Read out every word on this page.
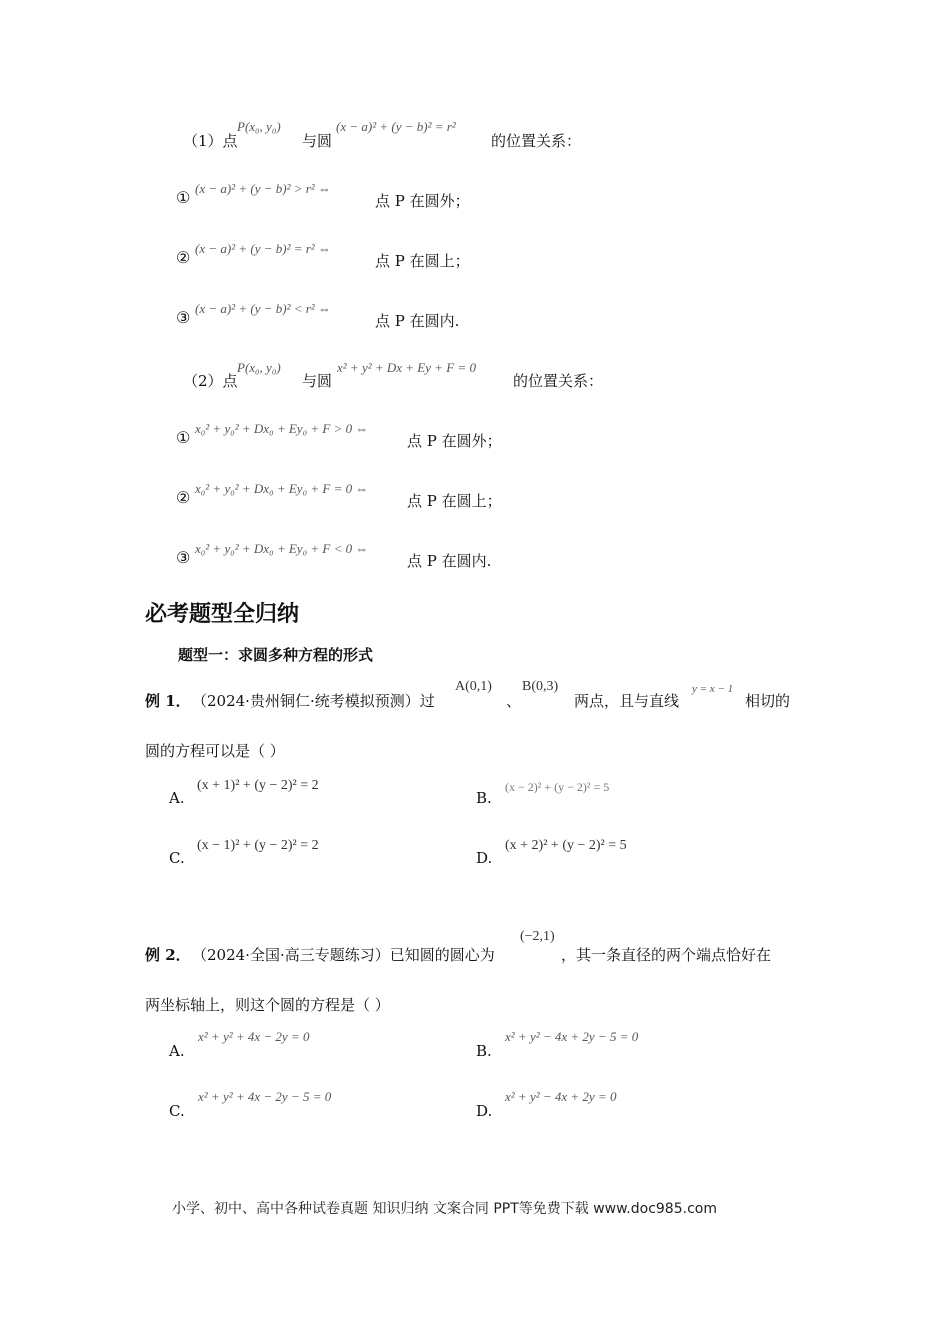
（1）点
P(x₀, y₀)
与圆
(x − a)² + (y − b)² = r²
的位置关系：
① (x − a)² + (y − b)² > r² ⇔
点 P 在圆外；
② (x − a)² + (y − b)² = r² ⇔
点 P 在圆上；
③ (x − a)² + (y − b)² < r² ⇔
点 P 在圆内.
（2）点
P(x₀, y₀)
与圆
x² + y² + Dx + Ey + F = 0
的位置关系：
① x₀² + y₀² + Dx₀ + Ey₀ + F > 0 ⇔
点 P 在圆外；
② x₀² + y₀² + Dx₀ + Ey₀ + F = 0 ⇔
点 P 在圆上；
③ x₀² + y₀² + Dx₀ + Ey₀ + F < 0 ⇔
点 P 在圆内.
必考题型全归纳
题型一：求圆多种方程的形式
例 1． （2024·贵州铜仁·统考模拟预测）过
A(0,1)
、
B(0,3)
两点，且与直线
y = x − 1
相切的
圆的方程可以是（ ）
A.
(x + 1)² + (y − 2)² = 2
B.
(x − 2)² + (y − 2)² = 5
C.
(x − 1)² + (y − 2)² = 2
D.
(x + 2)² + (y − 2)² = 5
例 2． （2024·全国·高三专题练习）已知圆的圆心为
(−2,1)
，其一条直径的两个端点恰好在
两坐标轴上，则这个圆的方程是（ ）
A.
x² + y² + 4x − 2y = 0
B.
x² + y² − 4x + 2y − 5 = 0
C.
x² + y² + 4x − 2y − 5 = 0
D.
x² + y² − 4x + 2y = 0
小学、初中、高中各种试卷真题 知识归纳 文案合同 PPT等免费下载 www.doc985.com
